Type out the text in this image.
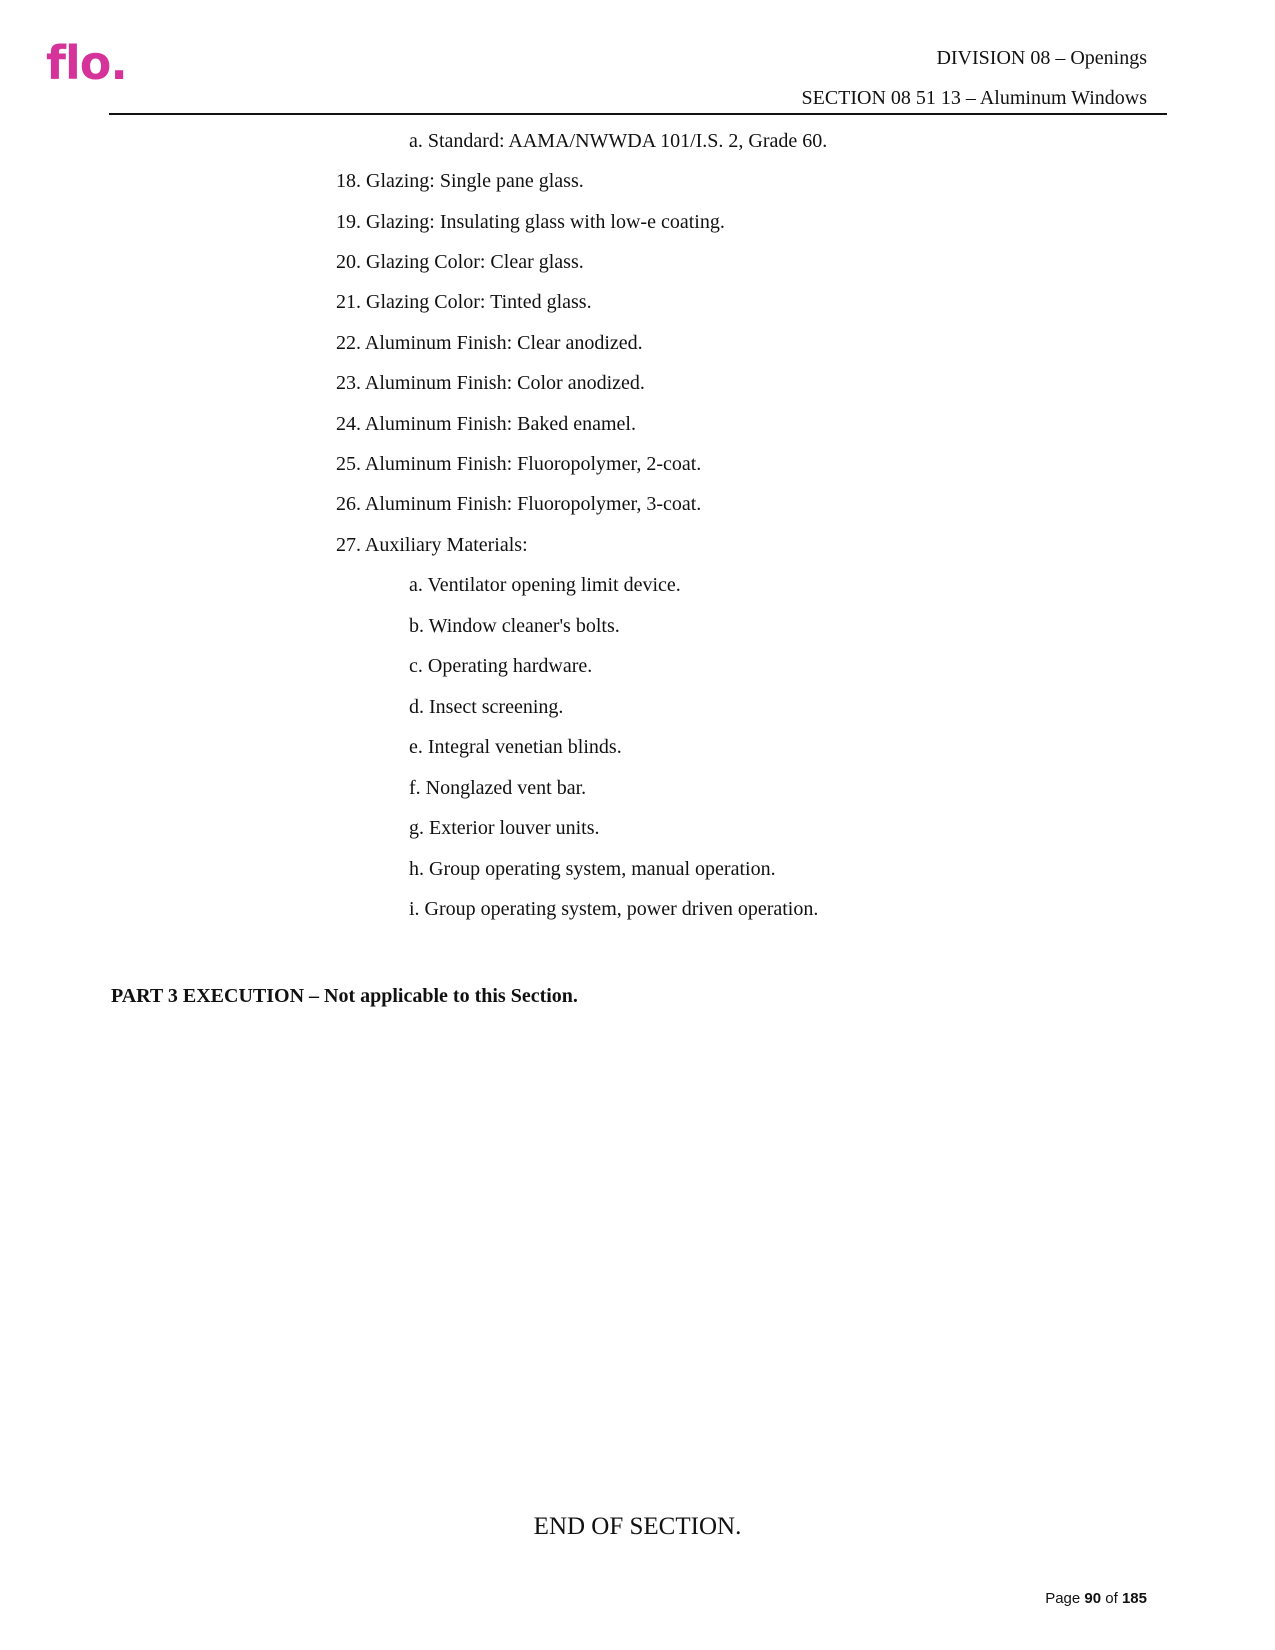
flo.	DIVISION 08 – Openings
SECTION 08 51 13 – Aluminum Windows
a. Standard: AAMA/NWWDA 101/I.S. 2, Grade 60.
18. Glazing: Single pane glass.
19. Glazing: Insulating glass with low-e coating.
20. Glazing Color: Clear glass.
21. Glazing Color: Tinted glass.
22. Aluminum Finish: Clear anodized.
23. Aluminum Finish: Color anodized.
24. Aluminum Finish: Baked enamel.
25. Aluminum Finish: Fluoropolymer, 2-coat.
26. Aluminum Finish: Fluoropolymer, 3-coat.
27. Auxiliary Materials:
a. Ventilator opening limit device.
b. Window cleaner's bolts.
c. Operating hardware.
d. Insect screening.
e. Integral venetian blinds.
f. Nonglazed vent bar.
g. Exterior louver units.
h. Group operating system, manual operation.
i. Group operating system, power driven operation.
PART 3 EXECUTION – Not applicable to this Section.
END OF SECTION.
Page 90 of 185
